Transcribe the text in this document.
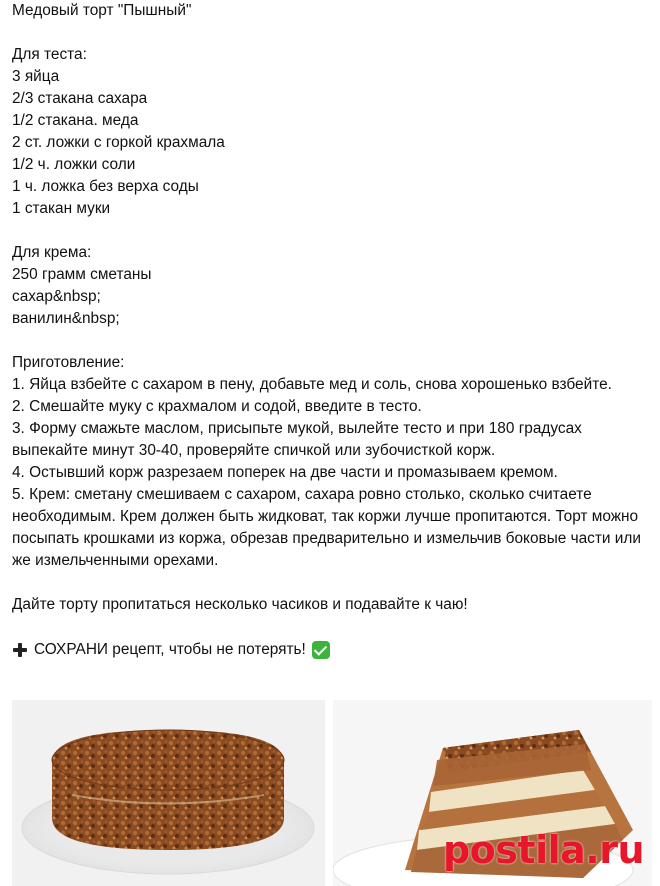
Медовый торт "Пышный"
Для теста:
3 яйца
2/3 стакана сахара
1/2 стакана. меда
2 ст. ложки с горкой крахмала
1/2 ч. ложки соли
1 ч. ложка без верха соды
1 стакан муки
Для крема:
250 грамм сметаны
сахар&nbsp;
ванилин&nbsp;
Приготовление:
1. Яйца взбейте с сахаром в пену, добавьте мед и соль, снова хорошенько взбейте.
2. Смешайте муку с крахмалом и содой, введите в тесто.
3. Форму смажьте маслом, присыпьте мукой, вылейте тесто и при 180 градусах выпекайте минут 30-40, проверяйте спичкой или зубочисткой корж.
4. Остывший корж разрезаем поперек на две части и промазываем кремом.
5. Крем: сметану смешиваем с сахаром, сахара ровно столько, сколько считаете необходимым. Крем должен быть жидковат, так коржи лучше пропитаются. Торт можно посыпать крошками из коржа, обрезав предварительно и измельчив боковые части или же измельченными орехами.
Дайте торту пропитаться несколько часиков и подавайте к чаю!
СОХРАНИ рецепт, чтобы не потерять!
postila.ru
